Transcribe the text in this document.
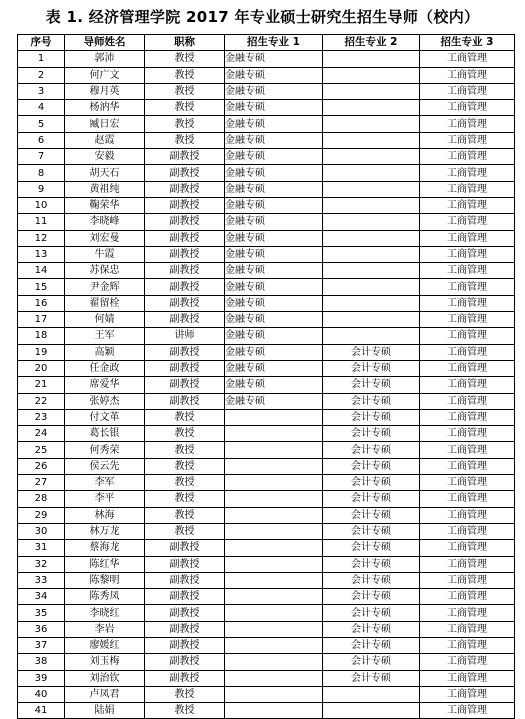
表 1. 经济管理学院 2017 年专业硕士研究生招生导师（校内）
序号	导师姓名	职称	招生专业 1	招生专业 2	招生专业 3
1	郭沛	教授	金融专硕		工商管理
2	何广文	教授	金融专硕		工商管理
3	穆月英	教授	金融专硕		工商管理
4	杨汭华	教授	金融专硕		工商管理
5	臧日宏	教授	金融专硕		工商管理
6	赵霞	教授	金融专硕		工商管理
7	安毅	副教授	金融专硕		工商管理
8	胡天石	副教授	金融专硕		工商管理
9	黄祖纯	副教授	金融专硕		工商管理
10	鞠荣华	副教授	金融专硕		工商管理
11	李晓峰	副教授	金融专硕		工商管理
12	刘宏曼	副教授	金融专硕		工商管理
13	牛霞	副教授	金融专硕		工商管理
14	苏保忠	副教授	金融专硕		工商管理
15	尹金辉	副教授	金融专硕		工商管理
16	翟留栓	副教授	金融专硕		工商管理
17	何婧	副教授	金融专硕		工商管理
18	王军	讲师	金融专硕		工商管理
19	高颖	副教授	金融专硕	会计专硕	工商管理
20	任金政	副教授	金融专硕	会计专硕	工商管理
21	席爱华	副教授	金融专硕	会计专硕	工商管理
22	张婷杰	副教授	金融专硕	会计专硕	工商管理
23	付文革	教授		会计专硕	工商管理
24	葛长银	教授		会计专硕	工商管理
25	何秀荣	教授		会计专硕	工商管理
26	侯云先	教授		会计专硕	工商管理
27	李军	教授		会计专硕	工商管理
28	李平	教授		会计专硕	工商管理
29	林海	教授		会计专硕	工商管理
30	林万龙	教授		会计专硕	工商管理
31	蔡海龙	副教授		会计专硕	工商管理
32	陈红华	副教授		会计专硕	工商管理
33	陈黎明	副教授		会计专硕	工商管理
34	陈秀凤	副教授		会计专硕	工商管理
35	李晓红	副教授		会计专硕	工商管理
36	李岩	副教授		会计专硕	工商管理
37	廖媛红	副教授		会计专硕	工商管理
38	刘玉梅	副教授		会计专硕	工商管理
39	刘治钦	副教授		会计专硕	工商管理
40	卢凤君	教授			工商管理
41	陆娟	教授			工商管理
